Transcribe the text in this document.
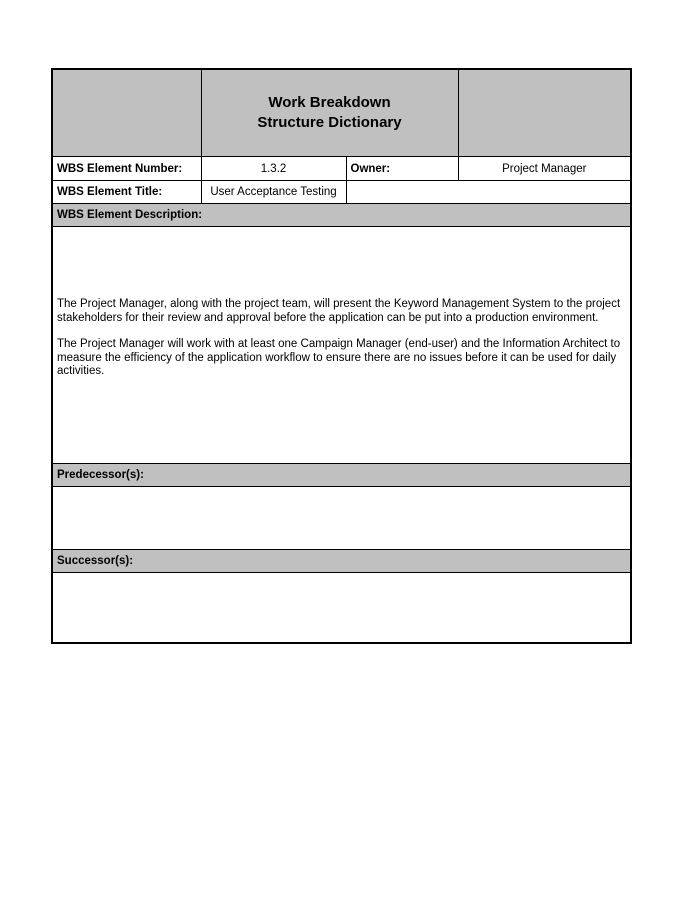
	Work Breakdown
Structure Dictionary		

WBS Element Number:	1.3.2	Owner:	Project Manager
WBS Element Title:	User Acceptance Testing		
WBS Element Description:			

The Project Manager, along with the project team, will present the Keyword Management System to the project stakeholders for their review and approval before the application can be put into a production environment.

The Project Manager will work with at least one Campaign Manager (end-user) and the Information Architect to measure the efficiency of the application workflow to ensure there are no issues before it can be used for daily activities.			

Predecessor(s):			

Successor(s):			
